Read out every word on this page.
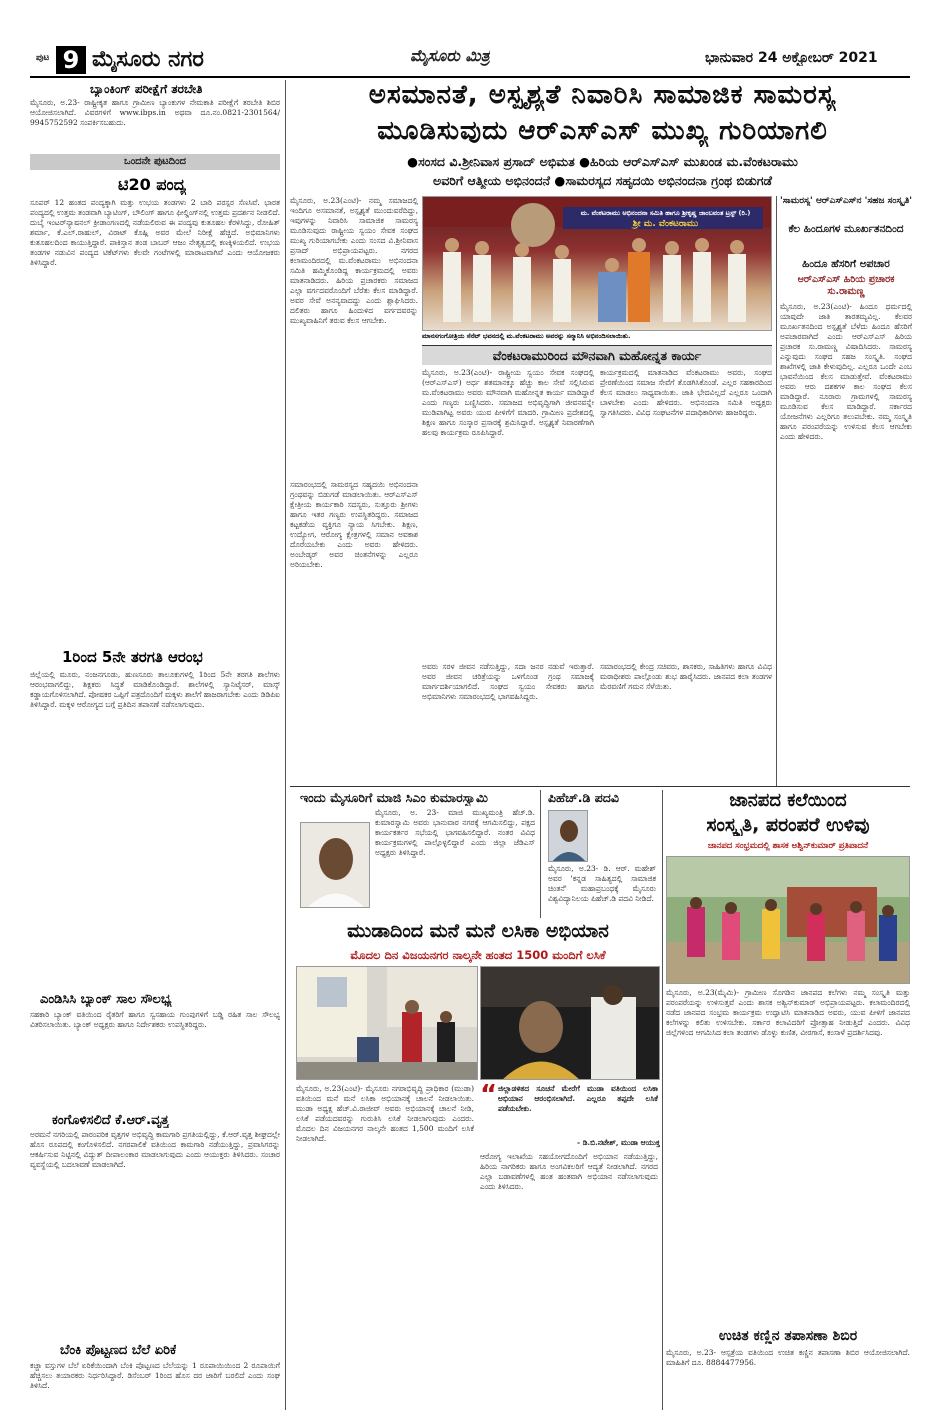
ಪುಟ 9 ಮೈಸೂರು ನಗರ	ಮೈಸೂರು ಮಿತ್ರ	ಭಾನುವಾರ 24 ಅಕ್ಟೋಬರ್ 2021
ಬ್ಯಾಂಕಿಂಗ್ ಪರೀಕ್ಷೆಗೆ ತರಬೇತಿ
ಮೈಸೂರು, ಅ.23- ರಾಷ್ಟ್ರೀಕೃತ ಹಾಗೂ ಗ್ರಾಮೀಣ ಬ್ಯಾಂಕುಗಳ ನೇಮಕಾತಿ ಪರೀಕ್ಷೆಗೆ ತರಬೇತಿ ಶಿಬಿರ ಆಯೋಜಿಸಲಾಗಿದೆ. ವಿವರಗಳಿಗೆ www.ibps.in ಅಥವಾ ದೂ.ನಂ.0821-2301564/ 9945752592 ಸಂಪರ್ಕಿಸಬಹುದು.
ಒಂದನೇ ಪುಟದಿಂದ
ಟಿ20 ಪಂದ್ಯ
ಸೂಪರ್ 12 ಹಂತದ ಪಂದ್ಯಕ್ಕಾಗಿ ಮತ್ತು ಉಭಯ ತಂಡಗಳು 2 ಬಾರಿ ಪರಸ್ಪರ ಸೆಣಸಿವೆ. ಭಾರತ ಪಂದ್ಯದಲ್ಲಿ ಉತ್ತಮ ತಂಡವಾಗಿ ಬ್ಯಾಟಿಂಗ್, ಬೌಲಿಂಗ್ ಹಾಗೂ ಫೀಲ್ಡಿಂಗ್‌ನಲ್ಲಿ ಉತ್ತಮ ಪ್ರದರ್ಶನ ನೀಡಲಿದೆ. ದುಬೈ ಇಂಟರ್‌ನ್ಯಾಷನಲ್ ಕ್ರೀಡಾಂಗಣದಲ್ಲಿ ನಡೆಯಲಿರುವ ಈ ಪಂದ್ಯವು ಕುತೂಹಲ ಕೆರಳಿಸಿದ್ದು, ರೋಹಿತ್ ಶರ್ಮಾ, ಕೆ.ಎಲ್.ರಾಹುಲ್, ವಿರಾಟ್ ಕೊಹ್ಲಿ ಅವರ ಮೇಲೆ ನಿರೀಕ್ಷೆ ಹೆಚ್ಚಿದೆ. ಅಭಿಮಾನಿಗಳು ಕುತೂಹಲದಿಂದ ಕಾಯುತ್ತಿದ್ದಾರೆ. ಪಾಕಿಸ್ತಾನ ತಂಡ ಬಾಬರ್ ಆಜಂ ನೇತೃತ್ವದಲ್ಲಿ ಕಣಕ್ಕಿಳಿಯಲಿದೆ. ಉಭಯ ತಂಡಗಳ ನಡುವಿನ ಪಂದ್ಯದ ಟಿಕೆಟ್‌ಗಳು ಕೆಲವೇ ಗಂಟೆಗಳಲ್ಲಿ ಮಾರಾಟವಾಗಿವೆ ಎಂದು ಆಯೋಜಕರು ತಿಳಿಸಿದ್ದಾರೆ.
1ರಿಂದ 5ನೇ ತರಗತಿ ಆರಂಭ
ಜಿಲ್ಲೆಯಲ್ಲಿ ಮೂರು, ನಂಜನಗೂಡು, ಹುಣಸೂರು ತಾಲೂಕುಗಳಲ್ಲಿ 1ರಿಂದ 5ನೇ ತರಗತಿ ಶಾಲೆಗಳು ಆರಂಭವಾಗಲಿದ್ದು, ಶಿಕ್ಷಕರು ಸಿದ್ಧತೆ ಮಾಡಿಕೊಂಡಿದ್ದಾರೆ. ಶಾಲೆಗಳಲ್ಲಿ ಸ್ಯಾನಿಟೈಸರ್, ಮಾಸ್ಕ್ ಕಡ್ಡಾಯಗೊಳಿಸಲಾಗಿದೆ. ಪೋಷಕರ ಒಪ್ಪಿಗೆ ಪತ್ರದೊಂದಿಗೆ ಮಕ್ಕಳು ಶಾಲೆಗೆ ಹಾಜರಾಗಬೇಕು ಎಂದು ಡಿಡಿಪಿಐ ತಿಳಿಸಿದ್ದಾರೆ. ಮಕ್ಕಳ ಆರೋಗ್ಯದ ಬಗ್ಗೆ ಪ್ರತಿದಿನ ತಪಾಸಣೆ ನಡೆಸಲಾಗುವುದು.
ಎಂಡಿಸಿಸಿ ಬ್ಯಾಂಕ್ ಸಾಲ ಸೌಲಭ್ಯ
ಸಹಕಾರಿ ಬ್ಯಾಂಕ್ ವತಿಯಿಂದ ರೈತರಿಗೆ ಹಾಗೂ ಸ್ವಸಹಾಯ ಗುಂಪುಗಳಿಗೆ ಬಡ್ಡಿ ರಹಿತ ಸಾಲ ಸೌಲಭ್ಯ ವಿತರಿಸಲಾಯಿತು. ಬ್ಯಾಂಕ್ ಅಧ್ಯಕ್ಷರು ಹಾಗೂ ನಿರ್ದೇಶಕರು ಉಪಸ್ಥಿತರಿದ್ದರು.
ಕಂಗೊಳಿಸಲಿದೆ ಕೆ.ಆರ್.ವೃತ್ತ
ಅರಮನೆ ನಗರಿಯಲ್ಲಿ ಪಾರಂಪರಿಕ ವೃತ್ತಗಳ ಅಭಿವೃದ್ಧಿ ಕಾಮಗಾರಿ ಪ್ರಗತಿಯಲ್ಲಿದ್ದು, ಕೆ.ಆರ್.ವೃತ್ತ ಶೀಘ್ರದಲ್ಲೇ ಹೊಸ ರೂಪದಲ್ಲಿ ಕಂಗೊಳಿಸಲಿದೆ. ನಗರಪಾಲಿಕೆ ವತಿಯಿಂದ ಕಾಮಗಾರಿ ನಡೆಯುತ್ತಿದ್ದು, ಪ್ರವಾಸಿಗರನ್ನು ಆಕರ್ಷಿಸುವ ನಿಟ್ಟಿನಲ್ಲಿ ವಿದ್ಯುತ್ ದೀಪಾಲಂಕಾರ ಮಾಡಲಾಗುವುದು ಎಂದು ಆಯುಕ್ತರು ತಿಳಿಸಿದರು. ಸಂಚಾರ ವ್ಯವಸ್ಥೆಯಲ್ಲಿ ಬದಲಾವಣೆ ಮಾಡಲಾಗಿದೆ.
ಬೆಂಕಿ ಪೊಟ್ಟಣದ ಬೆಲೆ ಏರಿಕೆ
ಕಚ್ಚಾ ವಸ್ತುಗಳ ಬೆಲೆ ಏರಿಕೆಯಿಂದಾಗಿ ಬೆಂಕಿ ಪೊಟ್ಟಣದ ಬೆಲೆಯನ್ನು 1 ರೂಪಾಯಿಯಿಂದ 2 ರೂಪಾಯಿಗೆ ಹೆಚ್ಚಿಸಲು ತಯಾರಕರು ನಿರ್ಧರಿಸಿದ್ದಾರೆ. ಡಿಸೆಂಬರ್ 1ರಿಂದ ಹೊಸ ದರ ಜಾರಿಗೆ ಬರಲಿದೆ ಎಂದು ಸಂಘ ತಿಳಿಸಿದೆ.
ಅಸಮಾನತೆ, ಅಸ್ಪೃಶ್ಯತೆ ನಿವಾರಿಸಿ ಸಾಮಾಜಿಕ ಸಾಮರಸ್ಯ
ಮೂಡಿಸುವುದು ಆರ್‌ಎಸ್‌ಎಸ್ ಮುಖ್ಯ ಗುರಿಯಾಗಲಿ
●ಸಂಸದ ವಿ.ಶ್ರೀನಿವಾಸ ಪ್ರಸಾದ್ ಅಭಿಮತ ●ಹಿರಿಯ ಆರ್‌ಎಸ್‌ಎಸ್ ಮುಖಂಡ ಮ.ವೆಂಕಟರಾಮು
ಅವರಿಗೆ ಆತ್ಮೀಯ ಅಭಿನಂದನೆ ●ಸಾಮರಸ್ಯದ ಸಹೃದಯಿ ಅಭಿನಂದನಾ ಗ್ರಂಥ ಬಿಡುಗಡೆ
ಮೈಸೂರು, ಅ.23(ಎಂಟಿ)- ನಮ್ಮ ಸಮಾಜದಲ್ಲಿ ಇಂದಿಗೂ ಅಸಮಾನತೆ, ಅಸ್ಪೃಶ್ಯತೆ ಮುಂದುವರೆದಿದ್ದು, ಇವುಗಳನ್ನು ನಿವಾರಿಸಿ ಸಾಮಾಜಿಕ ಸಾಮರಸ್ಯ ಮೂಡಿಸುವುದು ರಾಷ್ಟ್ರೀಯ ಸ್ವಯಂ ಸೇವಕ ಸಂಘದ ಮುಖ್ಯ ಗುರಿಯಾಗಬೇಕು ಎಂದು ಸಂಸದ ವಿ.ಶ್ರೀನಿವಾಸ ಪ್ರಸಾದ್ ಅಭಿಪ್ರಾಯಪಟ್ಟರು. ನಗರದ ಕಲಾಮಂದಿರದಲ್ಲಿ ಮ.ವೆಂಕಟರಾಮು ಅಭಿನಂದನಾ ಸಮಿತಿ ಹಮ್ಮಿಕೊಂಡಿದ್ದ ಕಾರ್ಯಕ್ರಮದಲ್ಲಿ ಅವರು ಮಾತನಾಡಿದರು. ಹಿರಿಯ ಪ್ರಚಾರಕರು ಸಮಾಜದ ಎಲ್ಲಾ ವರ್ಗದವರೊಂದಿಗೆ ಬೆರೆತು ಕೆಲಸ ಮಾಡಿದ್ದಾರೆ. ಅವರ ಸೇವೆ ಅನನ್ಯವಾದದ್ದು ಎಂದು ಶ್ಲಾಘಿಸಿದರು. ದಲಿತರು ಹಾಗೂ ಹಿಂದುಳಿದ ವರ್ಗದವರನ್ನು ಮುಖ್ಯವಾಹಿನಿಗೆ ತರುವ ಕೆಲಸ ಆಗಬೇಕು.
ಮ. ವೆಂಕಟರಾಮು ಅಭಿನಂದನಾ ಸಮಿತಿ ಹಾಗೂ ಶ್ರೀಕೃಷ್ಣ ಜಾಂಬವಂತ ಟ್ರಸ್ಟ್ (ರಿ.)
ಶ್ರೀ ಮ. ವೆಂಕಟರಾಮು
ಮಾನಸಗಂಗೋತ್ರಿಯ ಸೆನೆಟ್ ಭವನದಲ್ಲಿ ಮ.ವೆಂಕಟರಾಮು ಅವರನ್ನು ಸನ್ಮಾನಿಸಿ ಅಭಿನಂದಿಸಲಾಯಿತು.
ವೆಂಕಟರಾಮುರಿಂದ ಮೌನವಾಗಿ ಮಹೋನ್ನತ ಕಾರ್ಯ
ಸಮಾರಂಭದಲ್ಲಿ ಸಾಮರಸ್ಯದ ಸಹೃದಯಿ ಅಭಿನಂದನಾ ಗ್ರಂಥವನ್ನು ಬಿಡುಗಡೆ ಮಾಡಲಾಯಿತು. ಆರ್‌ಎಸ್‌ಎಸ್ ಕ್ಷೇತ್ರೀಯ ಕಾರ್ಯಕಾರಿ ಸದಸ್ಯರು, ಸುತ್ತೂರು ಶ್ರೀಗಳು ಹಾಗೂ ಇತರ ಗಣ್ಯರು ಉಪಸ್ಥಿತರಿದ್ದರು. ಸಮಾಜದ ಕಟ್ಟಕಡೆಯ ವ್ಯಕ್ತಿಗೂ ನ್ಯಾಯ ಸಿಗಬೇಕು. ಶಿಕ್ಷಣ, ಉದ್ಯೋಗ, ಆರೋಗ್ಯ ಕ್ಷೇತ್ರಗಳಲ್ಲಿ ಸಮಾನ ಅವಕಾಶ ದೊರೆಯಬೇಕು ಎಂದು ಅವರು ಹೇಳಿದರು. ಅಂಬೇಡ್ಕರ್ ಅವರ ಚಿಂತನೆಗಳನ್ನು ಎಲ್ಲರೂ ಅರಿಯಬೇಕು.
ಮೈಸೂರು, ಅ.23(ಎಂಟಿ)- ರಾಷ್ಟ್ರೀಯ ಸ್ವಯಂ ಸೇವಕ ಸಂಘದಲ್ಲಿ (ಆರ್‌ಎಸ್‌ಎಸ್) ಅರ್ಧ ಶತಮಾನಕ್ಕೂ ಹೆಚ್ಚು ಕಾಲ ಸೇವೆ ಸಲ್ಲಿಸಿರುವ ಮ.ವೆಂಕಟರಾಮು ಅವರು ಮೌನವಾಗಿ ಮಹೋನ್ನತ ಕಾರ್ಯ ಮಾಡಿದ್ದಾರೆ ಎಂದು ಗಣ್ಯರು ಬಣ್ಣಿಸಿದರು. ಸಮಾಜದ ಅಭಿವೃದ್ಧಿಗಾಗಿ ಜೀವನವನ್ನೇ ಮುಡಿಪಾಗಿಟ್ಟ ಅವರು ಯುವ ಪೀಳಿಗೆಗೆ ಮಾದರಿ. ಗ್ರಾಮೀಣ ಪ್ರದೇಶದಲ್ಲಿ ಶಿಕ್ಷಣ ಹಾಗೂ ಸಂಸ್ಕಾರ ಪ್ರಸಾರಕ್ಕೆ ಶ್ರಮಿಸಿದ್ದಾರೆ. ಅಸ್ಪೃಶ್ಯತೆ ನಿವಾರಣೆಗಾಗಿ ಹಲವು ಕಾರ್ಯಕ್ರಮ ರೂಪಿಸಿದ್ದಾರೆ.
ಕಾರ್ಯಕ್ರಮದಲ್ಲಿ ಮಾತನಾಡಿದ ವೆಂಕಟರಾಮು ಅವರು, ಸಂಘದ ಪ್ರೇರಣೆಯಿಂದ ಸಮಾಜ ಸೇವೆಗೆ ತೊಡಗಿಸಿಕೊಂಡೆ. ಎಲ್ಲರ ಸಹಕಾರದಿಂದ ಕೆಲಸ ಮಾಡಲು ಸಾಧ್ಯವಾಯಿತು. ಜಾತಿ ಭೇದವಿಲ್ಲದೆ ಎಲ್ಲರೂ ಒಂದಾಗಿ ಬಾಳಬೇಕು ಎಂದು ಹೇಳಿದರು. ಅಭಿನಂದನಾ ಸಮಿತಿ ಅಧ್ಯಕ್ಷರು ಸ್ವಾಗತಿಸಿದರು. ವಿವಿಧ ಸಂಘಟನೆಗಳ ಪದಾಧಿಕಾರಿಗಳು ಹಾಜರಿದ್ದರು.
ಅವರು ಸರಳ ಜೀವನ ನಡೆಸುತ್ತಿದ್ದು, ಸದಾ ಜನರ ನಡುವೆ ಇರುತ್ತಾರೆ. ಅವರ ಜೀವನ ಚರಿತ್ರೆಯನ್ನು ಒಳಗೊಂಡ ಗ್ರಂಥ ಸಮಾಜಕ್ಕೆ ಮಾರ್ಗದರ್ಶಿಯಾಗಲಿದೆ. ಸಂಘದ ಸ್ವಯಂ ಸೇವಕರು ಹಾಗೂ ಅಭಿಮಾನಿಗಳು ಸಮಾರಂಭದಲ್ಲಿ ಭಾಗವಹಿಸಿದ್ದರು.
ಸಮಾರಂಭದಲ್ಲಿ ಕೇಂದ್ರ ಸಚಿವರು, ಶಾಸಕರು, ಸಾಹಿತಿಗಳು ಹಾಗೂ ವಿವಿಧ ಮಠಾಧೀಶರು ಪಾಲ್ಗೊಂಡು ಶುಭ ಹಾರೈಸಿದರು. ಜಾನಪದ ಕಲಾ ತಂಡಗಳ ಮೆರವಣಿಗೆ ಗಮನ ಸೆಳೆಯಿತು.
'ಸಾಮರಸ್ಯ' ಆರ್‌ಎಸ್‌ಎಸ್‌ನ 'ಸಹಜ ಸಂಸ್ಕೃತಿ'
ಕೆಲ ಹಿಂದೂಗಳ ಮೂರ್ಖತನದಿಂದ
ಹಿಂದೂ ಹೆಸರಿಗೆ ಅಪಚಾರ
ಆರ್‌ಎಸ್‌ಎಸ್ ಹಿರಿಯ ಪ್ರಚಾರಕ ಸು.ರಾಮಣ್ಣ
ಮೈಸೂರು, ಅ.23(ಎಂಟಿ)- ಹಿಂದೂ ಧರ್ಮದಲ್ಲಿ ಯಾವುದೇ ಜಾತಿ ತಾರತಮ್ಯವಿಲ್ಲ. ಕೆಲವರ ಮೂರ್ಖತನದಿಂದ ಅಸ್ಪೃಶ್ಯತೆ ಬೆಳೆದು ಹಿಂದೂ ಹೆಸರಿಗೆ ಅಪಚಾರವಾಗಿದೆ ಎಂದು ಆರ್‌ಎಸ್‌ಎಸ್ ಹಿರಿಯ ಪ್ರಚಾರಕ ಸು.ರಾಮಣ್ಣ ವಿಷಾದಿಸಿದರು. ಸಾಮರಸ್ಯ ಎನ್ನುವುದು ಸಂಘದ ಸಹಜ ಸಂಸ್ಕೃತಿ. ಸಂಘದ ಶಾಖೆಗಳಲ್ಲಿ ಜಾತಿ ಕೇಳುವುದಿಲ್ಲ. ಎಲ್ಲರೂ ಒಂದೇ ಎಂಬ ಭಾವನೆಯಿಂದ ಕೆಲಸ ಮಾಡುತ್ತೇವೆ. ವೆಂಕಟರಾಮು ಅವರು ಆರು ದಶಕಗಳ ಕಾಲ ಸಂಘದ ಕೆಲಸ ಮಾಡಿದ್ದಾರೆ. ನೂರಾರು ಗ್ರಾಮಗಳಲ್ಲಿ ಸಾಮರಸ್ಯ ಮೂಡಿಸುವ ಕೆಲಸ ಮಾಡಿದ್ದಾರೆ. ಸರ್ಕಾರದ ಯೋಜನೆಗಳು ಎಲ್ಲರಿಗೂ ತಲುಪಬೇಕು. ನಮ್ಮ ಸಂಸ್ಕೃತಿ ಹಾಗೂ ಪರಂಪರೆಯನ್ನು ಉಳಿಸುವ ಕೆಲಸ ಆಗಬೇಕು ಎಂದು ಹೇಳಿದರು.
ಇಂದು ಮೈಸೂರಿಗೆ ಮಾಜಿ ಸಿಎಂ ಕುಮಾರಸ್ವಾಮಿ
ಮೈಸೂರು, ಅ. 23- ಮಾಜಿ ಮುಖ್ಯಮಂತ್ರಿ ಹೆಚ್.ಡಿ. ಕುಮಾರಸ್ವಾಮಿ ಅವರು ಭಾನುವಾರ ನಗರಕ್ಕೆ ಆಗಮಿಸಲಿದ್ದು, ಪಕ್ಷದ ಕಾರ್ಯಕರ್ತರ ಸಭೆಯಲ್ಲಿ ಭಾಗವಹಿಸಲಿದ್ದಾರೆ. ನಂತರ ವಿವಿಧ ಕಾರ್ಯಕ್ರಮಗಳಲ್ಲಿ ಪಾಲ್ಗೊಳ್ಳಲಿದ್ದಾರೆ ಎಂದು ಜಿಲ್ಲಾ ಜೆಡಿಎಸ್ ಅಧ್ಯಕ್ಷರು ತಿಳಿಸಿದ್ದಾರೆ.
ಪಿಹೆಚ್.ಡಿ ಪದವಿ
ಮೈಸೂರು, ಅ.23- ಡಿ. ಆರ್. ಮಹೇಶ್ ಅವರ 'ಕನ್ನಡ ಸಾಹಿತ್ಯದಲ್ಲಿ ಸಾಮಾಜಿಕ ಚಿಂತನೆ' ಮಹಾಪ್ರಬಂಧಕ್ಕೆ ಮೈಸೂರು ವಿಶ್ವವಿದ್ಯಾನಿಲಯ ಪಿಹೆಚ್.ಡಿ ಪದವಿ ನೀಡಿದೆ.
ಮುಡಾದಿಂದ ಮನೆ ಮನೆ ಲಸಿಕಾ ಅಭಿಯಾನ
ಮೊದಲ ದಿನ ವಿಜಯನಗರ ನಾಲ್ಕನೇ ಹಂತದ 1500 ಮಂದಿಗೆ ಲಸಿಕೆ
ಮೈಸೂರು, ಅ.23(ಎಂಟಿ)- ಮೈಸೂರು ನಗರಾಭಿವೃದ್ಧಿ ಪ್ರಾಧಿಕಾರ (ಮುಡಾ) ವತಿಯಿಂದ ಮನೆ ಮನೆ ಲಸಿಕಾ ಅಭಿಯಾನಕ್ಕೆ ಚಾಲನೆ ನೀಡಲಾಯಿತು. ಮುಡಾ ಅಧ್ಯಕ್ಷ ಹೆಚ್.ವಿ.ರಾಜೀವ್ ಅವರು ಅಭಿಯಾನಕ್ಕೆ ಚಾಲನೆ ನೀಡಿ, ಲಸಿಕೆ ಪಡೆಯದವರನ್ನು ಗುರುತಿಸಿ ಲಸಿಕೆ ನೀಡಲಾಗುವುದು ಎಂದರು. ಮೊದಲ ದಿನ ವಿಜಯನಗರ ನಾಲ್ಕನೇ ಹಂತದ 1,500 ಮಂದಿಗೆ ಲಸಿಕೆ ನೀಡಲಾಗಿದೆ.
“ ಜಿಲ್ಲಾಡಳಿತದ ಸೂಚನೆ ಮೇರೆಗೆ ಮುಡಾ ವತಿಯಿಂದ ಲಸಿಕಾ ಅಭಿಯಾನ ಆರಂಭಿಸಲಾಗಿದೆ. ಎಲ್ಲರೂ ತಪ್ಪದೇ ಲಸಿಕೆ ಪಡೆಯಬೇಕು.
- ಡಿ.ಬಿ.ನಟೇಶ್, ಮುಡಾ ಆಯುಕ್ತ
ಆರೋಗ್ಯ ಇಲಾಖೆಯ ಸಹಯೋಗದೊಂದಿಗೆ ಅಭಿಯಾನ ನಡೆಯುತ್ತಿದ್ದು, ಹಿರಿಯ ನಾಗರಿಕರು ಹಾಗೂ ಅಂಗವಿಕಲರಿಗೆ ಆದ್ಯತೆ ನೀಡಲಾಗಿದೆ. ನಗರದ ಎಲ್ಲಾ ಬಡಾವಣೆಗಳಲ್ಲಿ ಹಂತ ಹಂತವಾಗಿ ಅಭಿಯಾನ ನಡೆಸಲಾಗುವುದು ಎಂದು ತಿಳಿಸಿದರು.
ಜಾನಪದ ಕಲೆಯಿಂದ
ಸಂಸ್ಕೃತಿ, ಪರಂಪರೆ ಉಳಿವು
ಜಾನಪದ ಸಂಭ್ರಮದಲ್ಲಿ ಶಾಸಕ ಅಶ್ವಿನ್‌ಕುಮಾರ್ ಪ್ರತಿಪಾದನೆ
ಮೈಸೂರು, ಅ.23(ಮೈಮಿ)- ಗ್ರಾಮೀಣ ಸೊಗಡಿನ ಜಾನಪದ ಕಲೆಗಳು ನಮ್ಮ ಸಂಸ್ಕೃತಿ ಮತ್ತು ಪರಂಪರೆಯನ್ನು ಉಳಿಸುತ್ತವೆ ಎಂದು ಶಾಸಕ ಅಶ್ವಿನ್‌ಕುಮಾರ್ ಅಭಿಪ್ರಾಯಪಟ್ಟರು. ಕಲಾಮಂದಿರದಲ್ಲಿ ನಡೆದ ಜಾನಪದ ಸಂಭ್ರಮ ಕಾರ್ಯಕ್ರಮ ಉದ್ಘಾಟಿಸಿ ಮಾತನಾಡಿದ ಅವರು, ಯುವ ಪೀಳಿಗೆ ಜಾನಪದ ಕಲೆಗಳನ್ನು ಕಲಿತು ಉಳಿಸಬೇಕು. ಸರ್ಕಾರ ಕಲಾವಿದರಿಗೆ ಪ್ರೋತ್ಸಾಹ ನೀಡುತ್ತಿದೆ ಎಂದರು. ವಿವಿಧ ಜಿಲ್ಲೆಗಳಿಂದ ಆಗಮಿಸಿದ ಕಲಾ ತಂಡಗಳು ಡೊಳ್ಳು ಕುಣಿತ, ವೀರಗಾಸೆ, ಕಂಸಾಳೆ ಪ್ರದರ್ಶಿಸಿದವು.
ಉಚಿತ ಕಣ್ಣಿನ ತಪಾಸಣಾ ಶಿಬಿರ
ಮೈಸೂರು, ಅ.23- ಆಸ್ಪತ್ರೆಯ ವತಿಯಿಂದ ಉಚಿತ ಕಣ್ಣಿನ ತಪಾಸಣಾ ಶಿಬಿರ ಆಯೋಜಿಸಲಾಗಿದೆ. ಮಾಹಿತಿಗೆ ದೂ. 8884477956.
